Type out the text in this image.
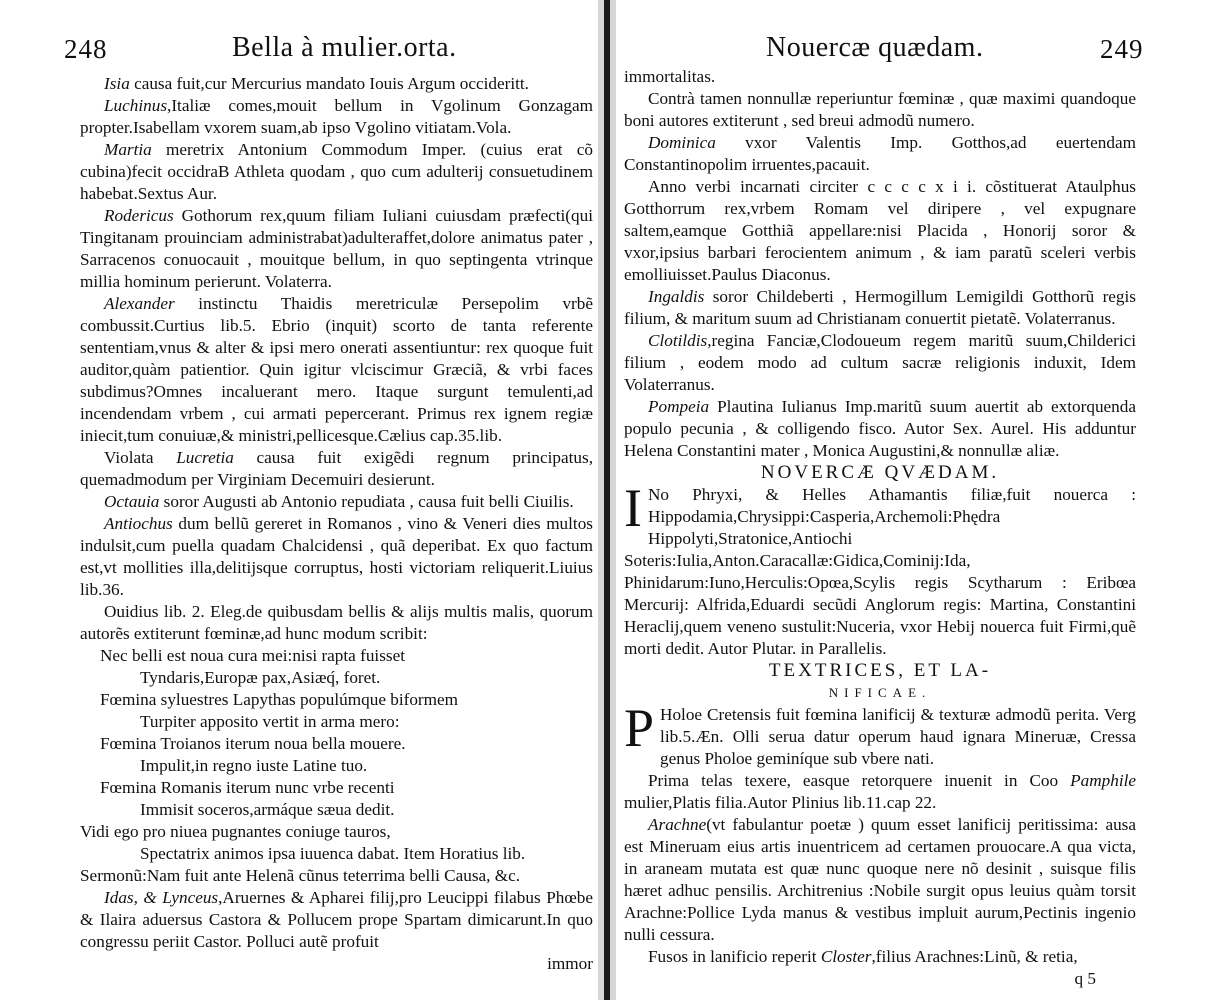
248	Bella à mulier.orta.

Isia causa fuit,cur Mercurius mandato Iouis Argum occideritt.

Luchinus,Italiæ comes,mouit bellum in Vgolinum Gonzagam propter.Isabellam vxorem suam,ab ipso Vgolino vitiatam.Vola.

Martia meretrix Antonium Commodum Imper. (cuius erat cõ cubina)fecit occidraB Athleta quodam , quo cum adulterij consuetudinem habebat.Sextus Aur.

Rodericus Gothorum rex,quum filiam Iuliani cuiusdam præfecti(qui Tingitanam prouinciam administrabat)adulteraffet,dolore animatus pater , Sarracenos conuocauit , mouitque bellum, in quo septingenta vtrinque millia hominum perierunt. Volaterra.

Alexander instinctu Thaidis meretriculæ Persepolim vrbẽ combussit.Curtius lib.5. Ebrio (inquit) scorto de tanta referente sententiam,vnus & alter & ipsi mero onerati assentiuntur: rex quoque fuit auditor,quàm patientior. Quin igitur vlciscimur Græciã, & vrbi faces subdimus?Omnes incaluerant mero. Itaque surgunt temulenti,ad incendendam vrbem , cui armati pepercerant. Primus rex ignem regiæ iniecit,tum conuiuæ,& ministri,pellicesque.Cælius cap.35.lib.

Violata Lucretia causa fuit exigẽdi regnum principatus, quemadmodum per Virginiam Decemuiri desierunt.

Octauia soror Augusti ab Antonio repudiata , causa fuit belli Ciuilis.

Antiochus dum bellũ gereret in Romanos , vino & Veneri dies multos indulsit,cum puella quadam Chalcidensi , quã deperibat. Ex quo factum est,vt mollities illa,delitijsque corruptus, hosti victoriam reliquerit.Liuius lib.36.

Ouidius lib. 2. Eleg.de quibusdam bellis & alijs multis malis, quorum autorẽs extiterunt fœminæ,ad hunc modum scribit:

Nec belli est noua cura mei:nisi rapta fuisset

Tyndaris,Europæ pax,Asiæq́, foret.

Fœmina syluestres Lapythas populúmque biformem

Turpiter apposito vertit in arma mero:

Fœmina Troianos iterum noua bella mouere.

Impulit,in regno iuste Latine tuo.

Fœmina Romanis iterum nunc vrbe recenti

Immisit soceros,armáque sæua dedit.

Vidi ego pro niuea pugnantes coniuge tauros,

Spectatrix animos ipsa iuuenca dabat. Item Horatius lib.

Sermonũ:Nam fuit ante Helenã cũnus teterrima belli Causa, &c.

Idas, & Lynceus,Aruernes & Apharei filij,pro Leucippi filabus Phœbe & Ilaira aduersus Castora & Pollucem prope Spartam dimicarunt.In quo congressu periit Castor. Polluci autẽ profuit

immor

Nouercæ quædam.	249

immortalitas.

Contrà tamen nonnullæ reperiuntur fœminæ , quæ maximi quandoque boni autores extiterunt , sed breui admodũ numero.

Dominica vxor Valentis Imp. Gotthos,ad euertendam Constantinopolim irruentes,pacauit.

Anno verbi incarnati circiter c c c c x i i. cõstituerat Ataulphus Gotthorrum rex,vrbem Romam vel diripere , vel expugnare saltem,eamque Gotthiã appellare:nisi Placida , Honorij soror & vxor,ipsius barbari ferocientem animum , & iam paratũ sceleri verbis emolliuisset.Paulus Diaconus.

Ingaldis soror Childeberti , Hermogillum Lemigildi Gotthorũ regis filium, & maritum suum ad Christianam conuertit pietatẽ. Volaterranus.

Clotildis,regina Fanciæ,Clodoueum regem maritũ suum,Childerici filium , eodem modo ad cultum sacræ religionis induxit, Idem Volaterranus.

Pompeia Plautina Iulianus Imp.maritũ suum auertit ab extorquenda populo pecunia , & colligendo fisco. Autor Sex. Aurel. His adduntur Helena Constantini mater , Monica Augustini,& nonnullæ aliæ.

NOVERCÆ QVÆDAM.

I No Phryxi, & Helles Athamantis filiæ,fuit nouerca : Hippodamia,Chrysippi:Casperia,Archemoli:Phędra Hippolyti,Stratonice,Antiochi Soteris:Iulia,Anton.Caracallæ:Gidica,Cominij:Ida, Phinidarum:Iuno,Herculis:Opœa,Scylis regis Scytharum : Eribœa Mercurij: Alfrida,Eduardi secũdi Anglorum regis: Martina, Constantini Heraclij,quem veneno sustulit:Nuceria, vxor Hebij nouerca fuit Firmi,quẽ morti dedit. Autor Plutar. in Parallelis.

TEXTRICES, ET LA-

NIFICAE.

P Holoe Cretensis fuit fœmina lanificij & texturæ admodũ perita. Verg lib.5.Æn. Olli serua datur operum haud ignara Mineruæ, Cressa genus Pholoe geminíque sub vbere nati.

Prima telas texere, easque retorquere inuenit in Coo Pamphile mulier,Platis filia.Autor Plinius lib.11.cap 22.

Arachne(vt fabulantur poetæ ) quum esset lanificij peritissima: ausa est Mineruam eius artis inuentricem ad certamen prouocare.A qua victa, in araneam mutata est quæ nunc quoque nere nõ desinit , suisque filis hæret adhuc pensilis. Architrenius :Nobile surgit opus leuius quàm torsit Arachne:Pollice Lyda manus & vestibus impluit aurum,Pectinis ingenio nulli cessura.

Fusos in lanificio reperit Closter,filius Arachnes:Linũ, & retia,

q 5
